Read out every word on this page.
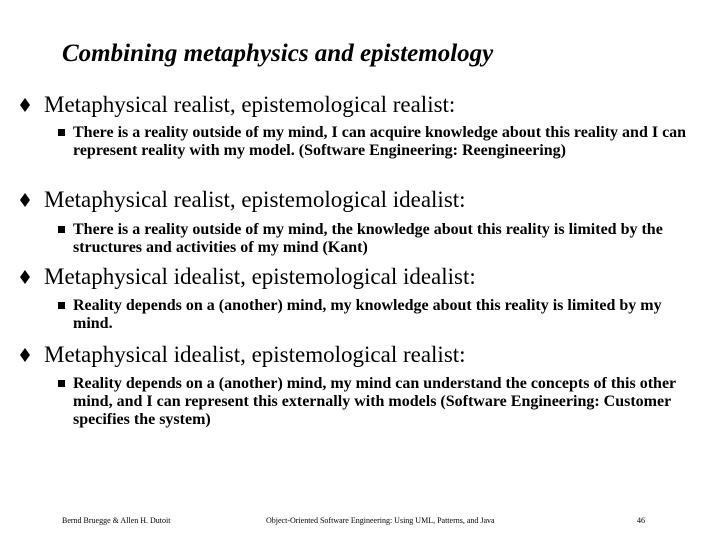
Combining metaphysics and epistemology
Metaphysical realist, epistemological realist:
There is a reality outside of my mind, I can acquire knowledge about this reality and I can represent reality with my model. (Software Engineering: Reengineering)
Metaphysical realist, epistemological idealist:
There is a reality outside of my mind, the knowledge about this reality is limited by the structures and activities of my mind (Kant)
Metaphysical idealist, epistemological idealist:
Reality depends on a (another) mind, my knowledge about this reality is limited by my mind.
Metaphysical idealist, epistemological realist:
Reality depends on a (another) mind, my mind can understand the concepts of this other mind, and I can represent this externally with models (Software Engineering: Customer specifies the system)
Bernd Bruegge & Allen H. Dutoit	Object-Oriented Software Engineering: Using UML, Patterns, and Java	46
